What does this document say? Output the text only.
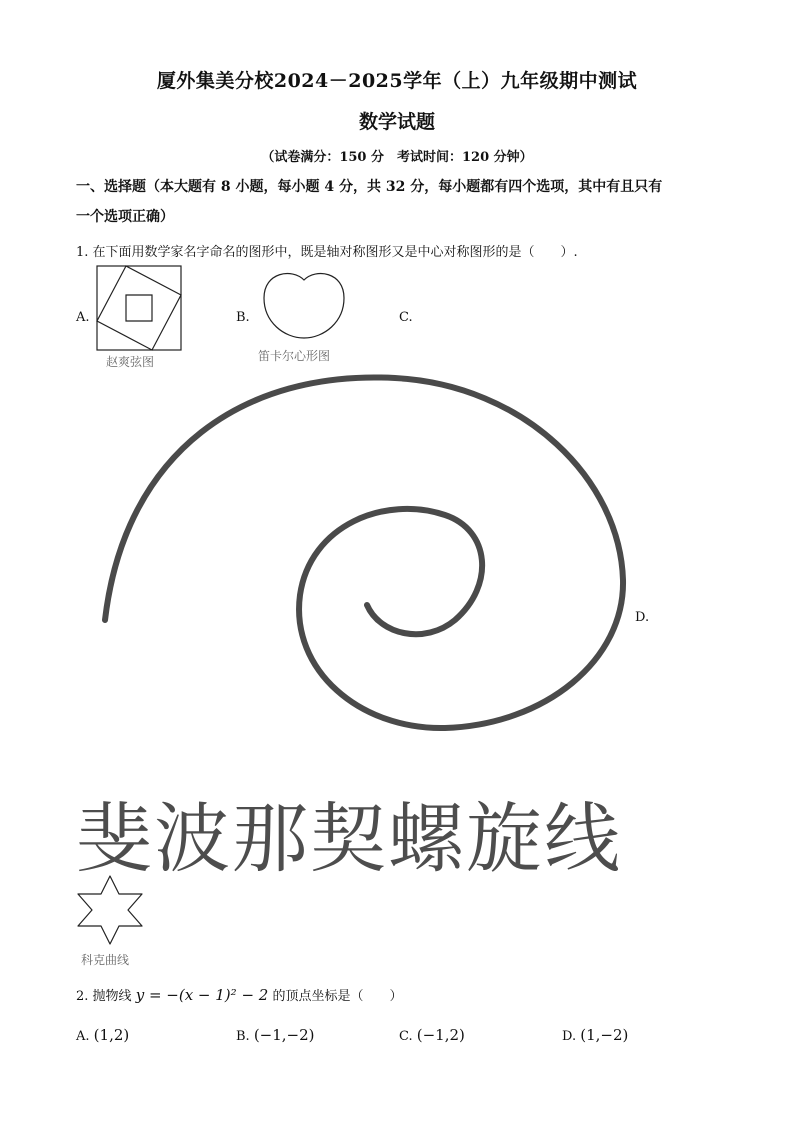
厦外集美分校2024－2025学年（上）九年级期中测试
数学试题
（试卷满分：150 分　考试时间：120 分钟）
一、选择题（本大题有 8 小题，每小题 4 分，共 32 分，每小题都有四个选项，其中有且只有
一个选项正确）
1. 在下面用数学家名字命名的图形中，既是轴对称图形又是中心对称图形的是（　　）.
A.
赵爽弦图
B.
笛卡尔心形图
C.
斐波那契螺旋线
D.
科克曲线
2. 抛物线 y = −(x − 1)² − 2 的顶点坐标是（　　）
A. (1,2)	B. (−1,−2)	C. (−1,2)	D. (1,−2)
